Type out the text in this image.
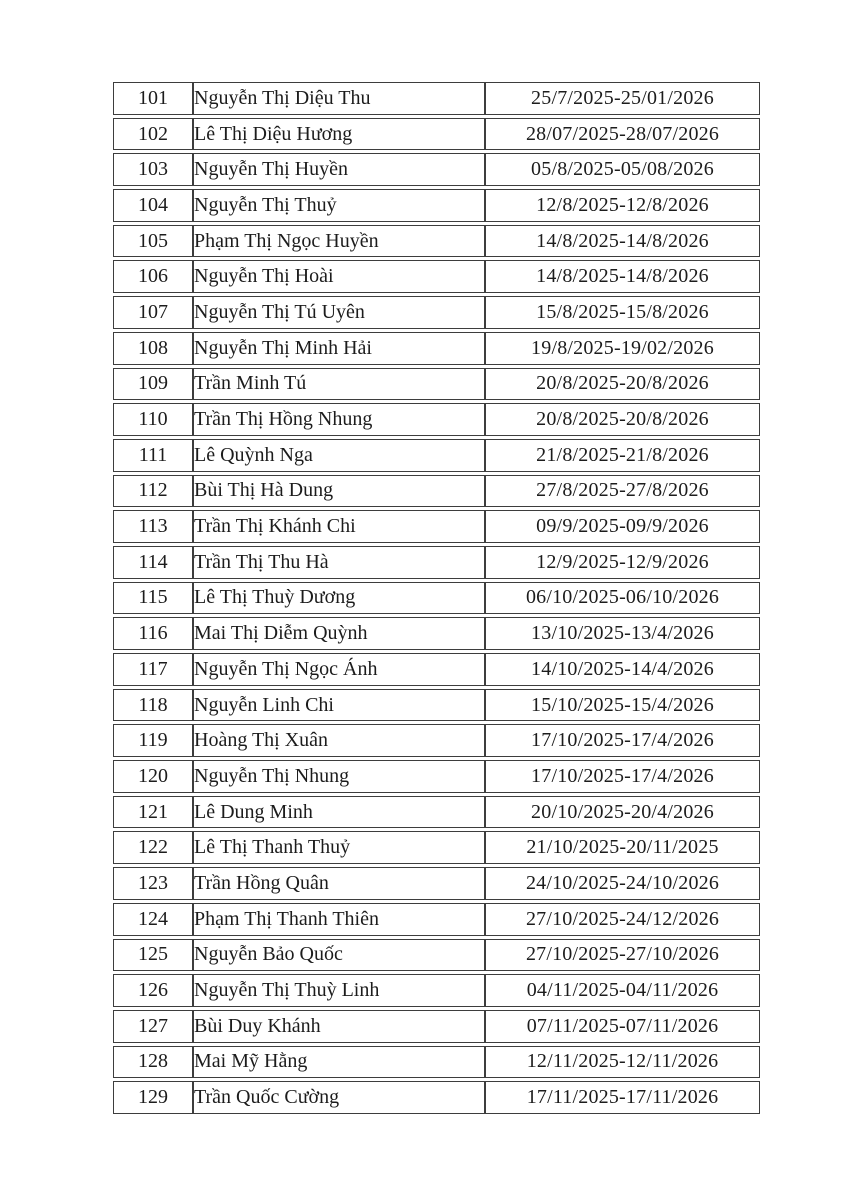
101	Nguyễn Thị Diệu Thu	25/7/2025-25/01/2026
102	Lê Thị Diệu Hương	28/07/2025-28/07/2026
103	Nguyễn Thị Huyền	05/8/2025-05/08/2026
104	Nguyễn Thị Thuỷ	12/8/2025-12/8/2026
105	Phạm Thị Ngọc Huyền	14/8/2025-14/8/2026
106	Nguyễn Thị Hoài	14/8/2025-14/8/2026
107	Nguyễn Thị Tú Uyên	15/8/2025-15/8/2026
108	Nguyễn Thị Minh Hải	19/8/2025-19/02/2026
109	Trần Minh Tú	20/8/2025-20/8/2026
110	Trần Thị Hồng Nhung	20/8/2025-20/8/2026
111	Lê Quỳnh Nga	21/8/2025-21/8/2026
112	Bùi Thị Hà Dung	27/8/2025-27/8/2026
113	Trần Thị Khánh Chi	09/9/2025-09/9/2026
114	Trần Thị Thu Hà	12/9/2025-12/9/2026
115	Lê Thị Thuỳ Dương	06/10/2025-06/10/2026
116	Mai Thị Diễm Quỳnh	13/10/2025-13/4/2026
117	Nguyễn Thị Ngọc Ánh	14/10/2025-14/4/2026
118	Nguyễn Linh Chi	15/10/2025-15/4/2026
119	Hoàng Thị Xuân	17/10/2025-17/4/2026
120	Nguyễn Thị Nhung	17/10/2025-17/4/2026
121	Lê Dung Minh	20/10/2025-20/4/2026
122	Lê Thị Thanh Thuỷ	21/10/2025-20/11/2025
123	Trần Hồng Quân	24/10/2025-24/10/2026
124	Phạm Thị Thanh Thiên	27/10/2025-24/12/2026
125	Nguyễn Bảo Quốc	27/10/2025-27/10/2026
126	Nguyễn Thị Thuỳ Linh	04/11/2025-04/11/2026
127	Bùi Duy Khánh	07/11/2025-07/11/2026
128	Mai Mỹ Hằng	12/11/2025-12/11/2026
129	Trần Quốc Cường	17/11/2025-17/11/2026
